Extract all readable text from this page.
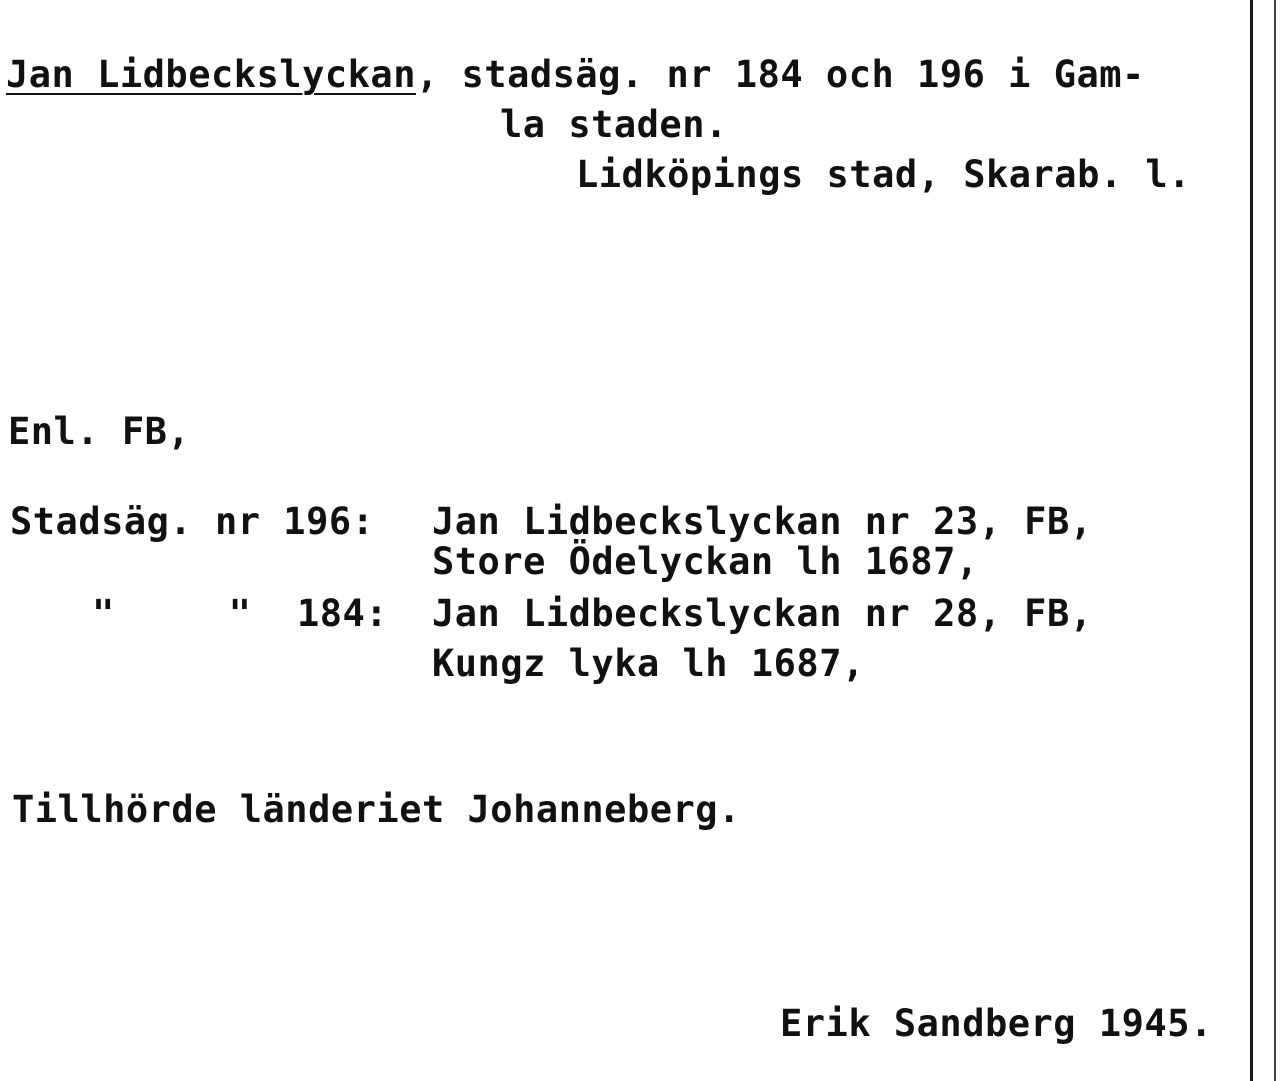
Jan Lidbeckslyckan, stadsäg. nr 184 och 196 i Gam-
la staden.
Lidköpings stad, Skarab. l.
Enl. FB,
Stadsäg. nr 196: Jan Lidbeckslyckan nr 23, FB,
Store Ödelyckan lh 1687,
"     "  184: Jan Lidbeckslyckan nr 28, FB,
Kungz lyka lh 1687,
Tillhörde länderiet Johanneberg.
Erik Sandberg 1945.
